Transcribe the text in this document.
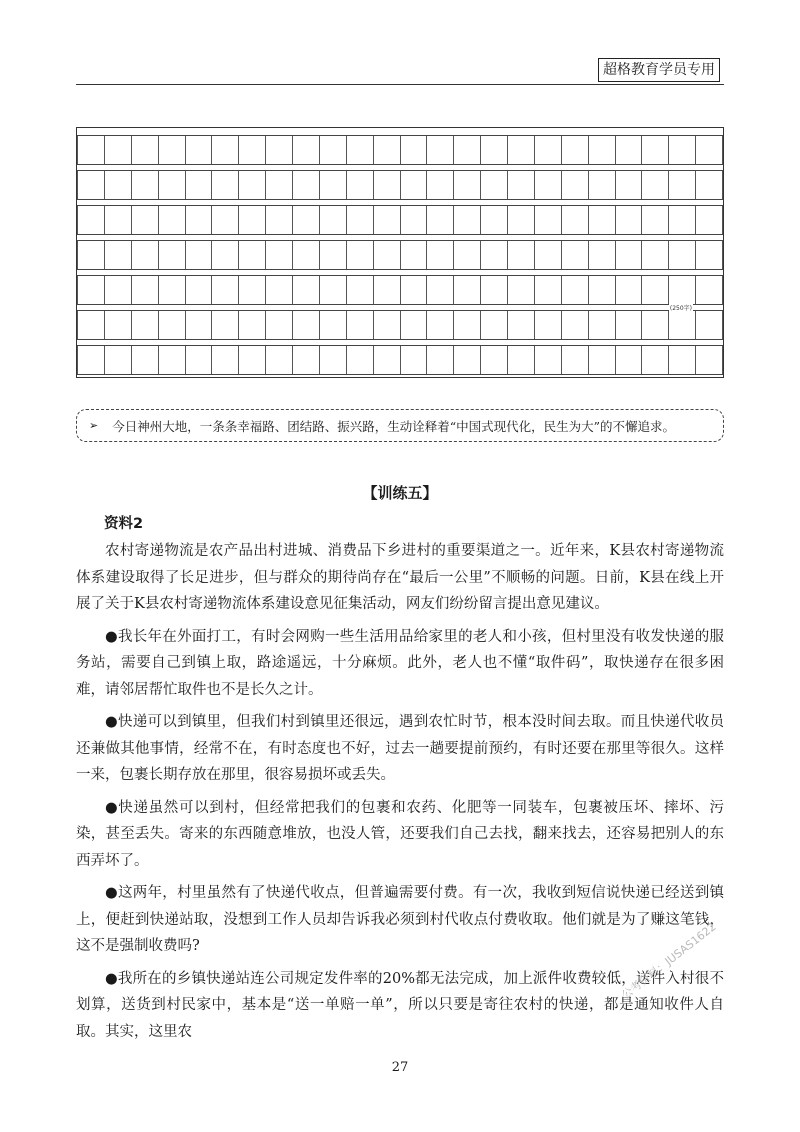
超格教育学员专用
(250字)
➢ 今日神州大地，一条条幸福路、团结路、振兴路，生动诠释着“中国式现代化，民生为大”的不懈追求。
【训练五】
资料2

农村寄递物流是农产品出村进城、消费品下乡进村的重要渠道之一。近年来，K县农村寄递物流体系建设取得了长足进步，但与群众的期待尚存在“最后一公里”不顺畅的问题。日前，K县在线上开展了关于K县农村寄递物流体系建设意见征集活动，网友们纷纷留言提出意见建议。

●我长年在外面打工，有时会网购一些生活用品给家里的老人和小孩，但村里没有收发快递的服务站，需要自己到镇上取，路途遥远，十分麻烦。此外，老人也不懂“取件码”，取快递存在很多困难，请邻居帮忙取件也不是长久之计。

●快递可以到镇里，但我们村到镇里还很远，遇到农忙时节，根本没时间去取。而且快递代收员还兼做其他事情，经常不在，有时态度也不好，过去一趟要提前预约，有时还要在那里等很久。这样一来，包裹长期存放在那里，很容易损坏或丢失。

●快递虽然可以到村，但经常把我们的包裹和农药、化肥等一同装车，包裹被压坏、摔坏、污染，甚至丢失。寄来的东西随意堆放，也没人管，还要我们自己去找，翻来找去，还容易把别人的东西弄坏了。

●这两年，村里虽然有了快递代收点，但普遍需要付费。有一次，我收到短信说快递已经送到镇上，便赶到快递站取，没想到工作人员却告诉我必须到村代收点付费收取。他们就是为了赚这笔钱，这不是强制收费吗?

●我所在的乡镇快递站连公司规定发件率的20%都无法完成，加上派件收费较低，送件入村很不划算，送货到村民家中，基本是“送一单赔一单”，所以只要是寄往农村的快递，都是通知收件人自取。其实，这里农

公考资料：JUSAS1622
27
